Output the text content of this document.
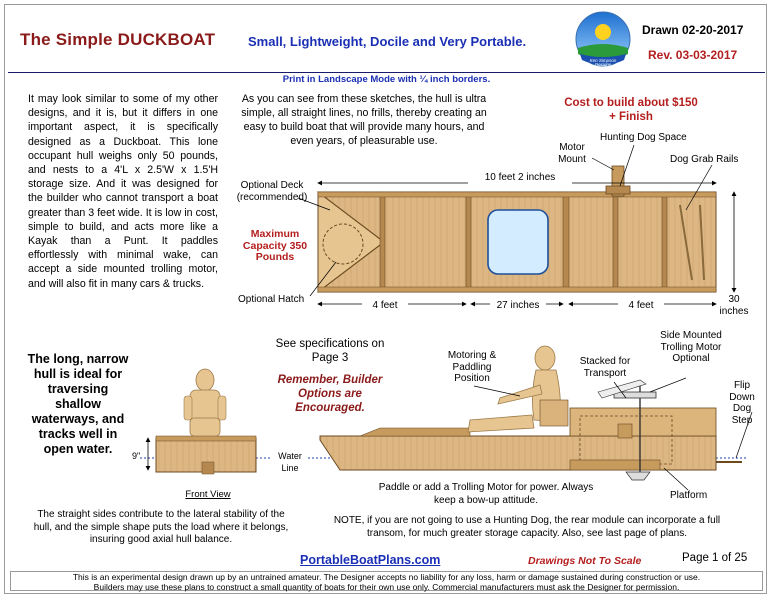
The Simple DUCKBOAT	Small, Lightweight, Docile and Very Portable.
Ken Simpson
Designs
Drawn 02-20-2017
Rev. 03-03-2017
Print in Landscape Mode with ¼ inch borders.
It may look similar to some of my other designs, and it is, but it differs in one important aspect, it is specifically designed as a Duckboat. This lone occupant hull weighs only 50 pounds, and nests to a 4'L x 2.5'W x 1.5'H storage size. And it was designed for the builder who cannot transport a boat greater than 3 feet wide. It is low in cost, simple to build, and acts more like a Kayak than a Punt. It paddles effortlessly with minimal wake, can accept a side mounted trolling motor, and will also fit in many cars & trucks.
As you can see from these sketches, the hull is ultra simple, all straight lines, no frills, thereby creating an easy to build boat that will provide many hours, and even years, of pleasurable use.
Cost to build about $150
+ Finish
Optional Deck (recommended)
Maximum Capacity 350 Pounds
Optional Hatch
10 feet 2 inches
Motor Mount
Hunting Dog Space
Dog Grab Rails
4 feet	27 inches	4 feet
30 inches
The long, narrow hull is ideal for traversing shallow waterways, and tracks well in open water.	9"
Front View
Water Line
See specifications on Page 3
Remember, Builder Options are Encouraged.
Motoring & Paddling Position
Stacked for Transport
Side Mounted Trolling Motor Optional
Flip Down Dog Step
Platform
Paddle or add a Trolling Motor for power. Always keep a bow-up attitude.
The straight sides contribute to the lateral stability of the hull, and the simple shape puts the load where it belongs, insuring good axial hull balance.
NOTE, if you are not going to use a Hunting Dog, the rear module can incorporate a full transom, for much greater storage capacity. Also, see last page of plans.
PortableBoatPlans.com	Drawings Not To Scale	Page 1 of 25
This is an experimental design drawn up by an untrained amateur. The Designer accepts no liability for any loss, harm or damage sustained during construction or use.
Builders may use these plans to construct a small quantity of boats for their own use only. Commercial manufacturers must ask the Designer for permission.
